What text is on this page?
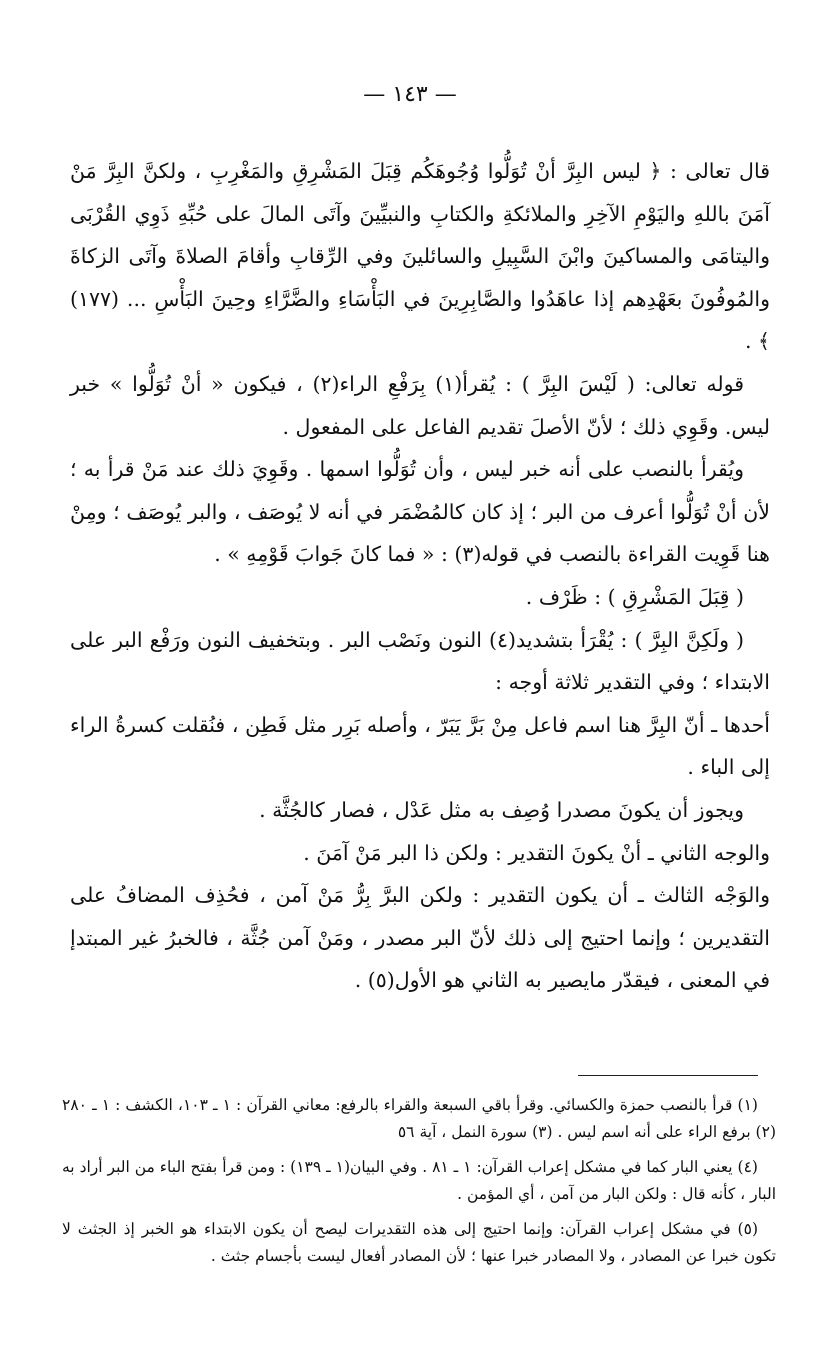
— ١٤٣ —

قال تعالى : ﴿ ليس البِرَّ أنْ تُوَلُّوا وُجُوهَكُم قِبَلَ المَشْرِقِ والمَغْرِبِ ، ولكنَّ البِرَّ مَنْ آمَنَ باللهِ واليَوْمِ الآخِرِ والملائكةِ والكتابِ والنبيِّينَ وآتَى المالَ على حُبِّهِ ذَوِي القُرْبَى واليتامَى والمساكينَ وابْنَ السَّبِيلِ والسائلينَ وفي الرِّقابِ وأقامَ الصلاةَ وآتَى الزكاةَ والمُوفُونَ بعَهْدِهم إذا عاهَدُوا والصَّابِرِينَ في البَأْسَاءِ والضَّرَّاءِ وحِينَ البَأْسِ ... (١٧٧) ﴾ .

قوله تعالى: ( لَيْسَ البِرَّ ) : يُقرأ(١) بِرَفْعِ الراء(٢) ، فيكون « أنْ تُوَلُّوا » خبر ليس. وقَوِي ذلك ؛ لأنّ الأصلَ تقديم الفاعل على المفعول .

ويُقرأ بالنصب على أنه خبر ليس ، وأن تُوَلُّوا اسمها . وقَوِيَ ذلك عند مَنْ قرأ به ؛ لأن أنْ تُوَلُّوا أعرف من البر ؛ إذ كان كالمُضْمَر في أنه لا يُوصَف ، والبر يُوصَف ؛ ومِنْ هنا قَوِيت القراءة بالنصب في قوله(٣) : « فما كانَ جَوابَ قَوْمِهِ » .

( قِبَلَ المَشْرِقِ ) : ظَرْف .

( ولَكِنَّ البِرَّ ) : يُقْرَأ بتشديد(٤) النون ونَصْب البر . وبتخفيف النون ورَفْع البر على الابتداء ؛ وفي التقدير ثلاثة أوجه :

أحدها ـ أنّ البِرَّ هنا اسم فاعل مِنْ بَرَّ يَبَرّ ، وأصله بَرِر مثل فَطِن ، فنُقلت كسرةُ الراء إلى الباء .

ويجوز أن يكونَ مصدرا وُصِف به مثل عَدْل ، فصار كالجُثَّة .

والوجه الثاني ـ أنْ يكونَ التقدير : ولكن ذا البر مَنْ آمَنَ .

والوَجْه الثالث ـ أن يكون التقدير : ولكن البرَّ بِرُّ مَنْ آمن ، فحُذِف المضافُ على التقديرين ؛ وإنما احتيج إلى ذلك لأنّ البر مصدر ، ومَنْ آمن جُثَّة ، فالخبرُ غير المبتدإ في المعنى ، فيقدّر مايصير به الثاني هو الأول(٥) .

(١) قرأ بالنصب حمزة والكسائي. وقرأ باقي السبعة والقراء بالرفع: معاني القرآن : ١ ـ ١٠٣، الكشف : ١ ـ ٢٨٠ (٢) برفع الراء على أنه اسم ليس . (٣) سورة النمل ، آية ٥٦

(٤) يعني البار كما في مشكل إعراب القرآن: ١ ـ ٨١ . وفي البيان(١ ـ ١٣٩) : ومن قرأ بفتح الباء من البر أراد به البار ، كأنه قال : ولكن البار من آمن ، أي المؤمن .

(٥) في مشكل إعراب القرآن: وإنما احتيج إلى هذه التقديرات ليصح أن يكون الابتداء هو الخبر إذ الجثث لا تكون خبرا عن المصادر ، ولا المصادر خبرا عنها ؛ لأن المصادر أفعال ليست بأجسام جثث .
